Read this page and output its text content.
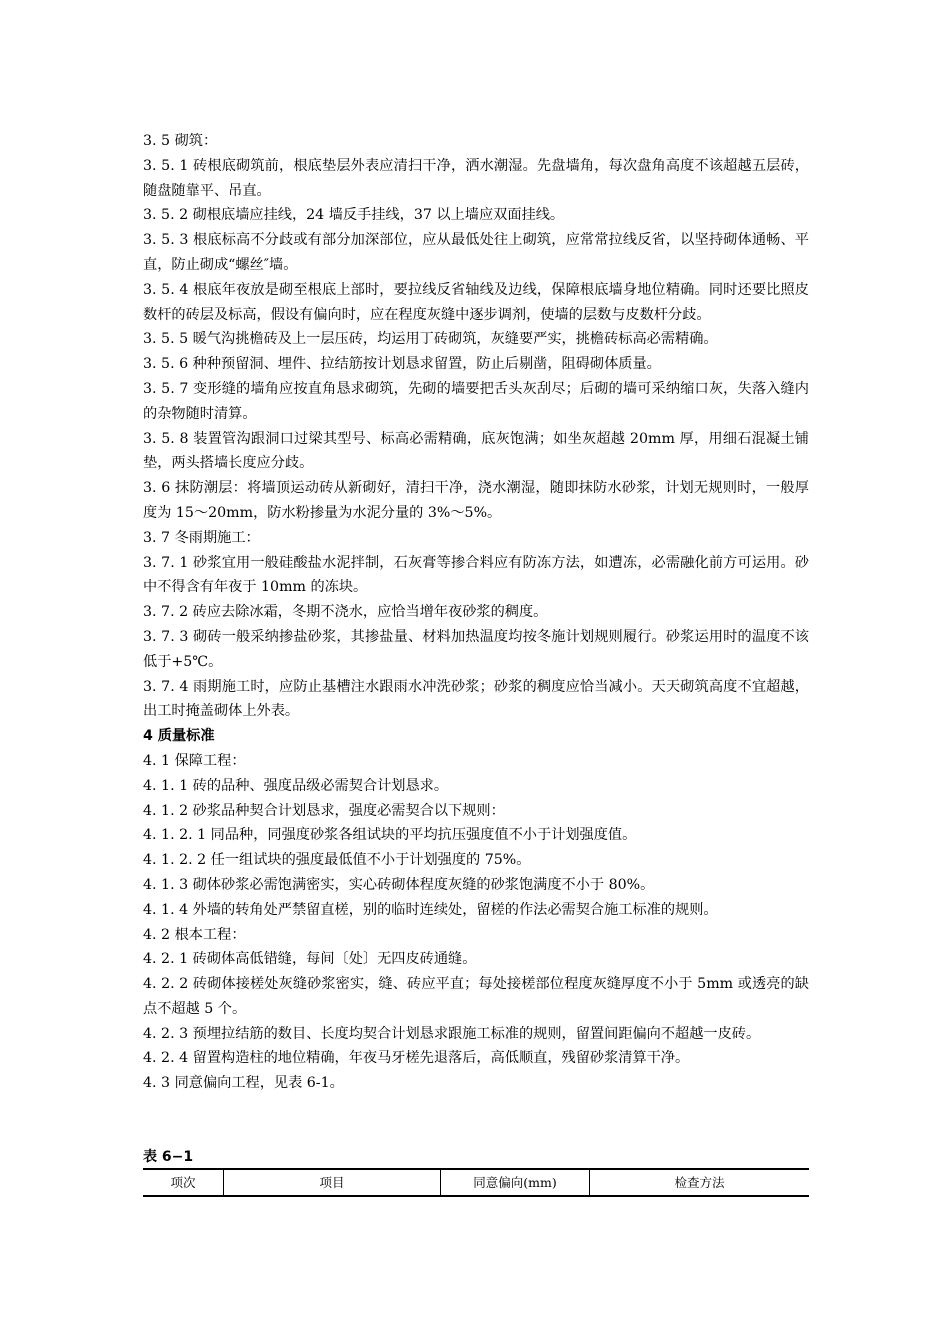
3. 5 砌筑：

3. 5. 1 砖根底砌筑前，根底垫层外表应清扫干净，洒水潮湿。先盘墙角，每次盘角高度不该超越五层砖，随盘随靠平、吊直。

3. 5. 2 砌根底墙应挂线，24 墙反手挂线，37 以上墙应双面挂线。

3. 5. 3 根底标高不分歧或有部分加深部位，应从最低处往上砌筑，应常常拉线反省，以坚持砌体通畅、平直，防止砌成“螺丝″墙。

3. 5. 4 根底年夜放是砌至根底上部时，要拉线反省轴线及边线，保障根底墙身地位精确。同时还要比照皮数杆的砖层及标高，假设有偏向时，应在程度灰缝中逐步调剂，使墙的层数与皮数杆分歧。

3. 5. 5 暖气沟挑檐砖及上一层压砖，均运用丁砖砌筑，灰缝要严实，挑檐砖标高必需精确。

3. 5. 6 种种预留洞、埋件、拉结筋按计划恳求留置，防止后剔凿，阻碍砌体质量。

3. 5. 7 变形缝的墙角应按直角恳求砌筑，先砌的墙要把舌头灰刮尽；后砌的墙可采纳缩口灰，失落入缝内的杂物随时清算。

3. 5. 8 装置管沟跟洞口过梁其型号、标高必需精确，底灰饱满；如坐灰超越 20mm 厚，用细石混凝土铺垫，两头搭墙长度应分歧。

3. 6 抹防潮层：将墙顶运动砖从新砌好，清扫干净，浇水潮湿，随即抹防水砂浆，计划无规则时，一般厚度为 15～20mm，防水粉掺量为水泥分量的 3%～5%。

3. 7 冬雨期施工：

3. 7. 1 砂浆宜用一般硅酸盐水泥拌制，石灰膏等掺合料应有防冻方法，如遭冻，必需融化前方可运用。砂中不得含有年夜于 10mm 的冻块。

3. 7. 2 砖应去除冰霜，冬期不浇水，应恰当增年夜砂浆的稠度。

3. 7. 3 砌砖一般采纳掺盐砂浆，其掺盐量、材料加热温度均按冬施计划规则履行。砂浆运用时的温度不该低于+5℃。

3. 7. 4 雨期施工时，应防止基槽注水跟雨水冲洗砂浆；砂浆的稠度应恰当减小。天天砌筑高度不宜超越，出工时掩盖砌体上外表。

4 质量标准

4. 1 保障工程：

4. 1. 1 砖的品种、强度品级必需契合计划恳求。

4. 1. 2 砂浆品种契合计划恳求，强度必需契合以下规则：

4. 1. 2. 1 同品种，同强度砂浆各组试块的平均抗压强度值不小于计划强度值。

4. 1. 2. 2 任一组试块的强度最低值不小于计划强度的 75%。

4. 1. 3 砌体砂浆必需饱满密实，实心砖砌体程度灰缝的砂浆饱满度不小于 80%。

4. 1. 4 外墙的转角处严禁留直槎，别的临时连续处，留槎的作法必需契合施工标准的规则。

4. 2 根本工程：

4. 2. 1 砖砌体高低错缝，每间〔处〕无四皮砖通缝。

4. 2. 2 砖砌体接槎处灰缝砂浆密实，缝、砖应平直；每处接槎部位程度灰缝厚度不小于 5mm 或透亮的缺点不超越 5 个。

4. 2. 3 预埋拉结筋的数目、长度均契合计划恳求跟施工标准的规则，留置间距偏向不超越一皮砖。

4. 2. 4 留置构造柱的地位精确，年夜马牙槎先退落后，高低顺直，残留砂浆清算干净。

4. 3 同意偏向工程，见表 6-1。

表 6−1
项次	项目	同意偏向(mm)	检查方法
